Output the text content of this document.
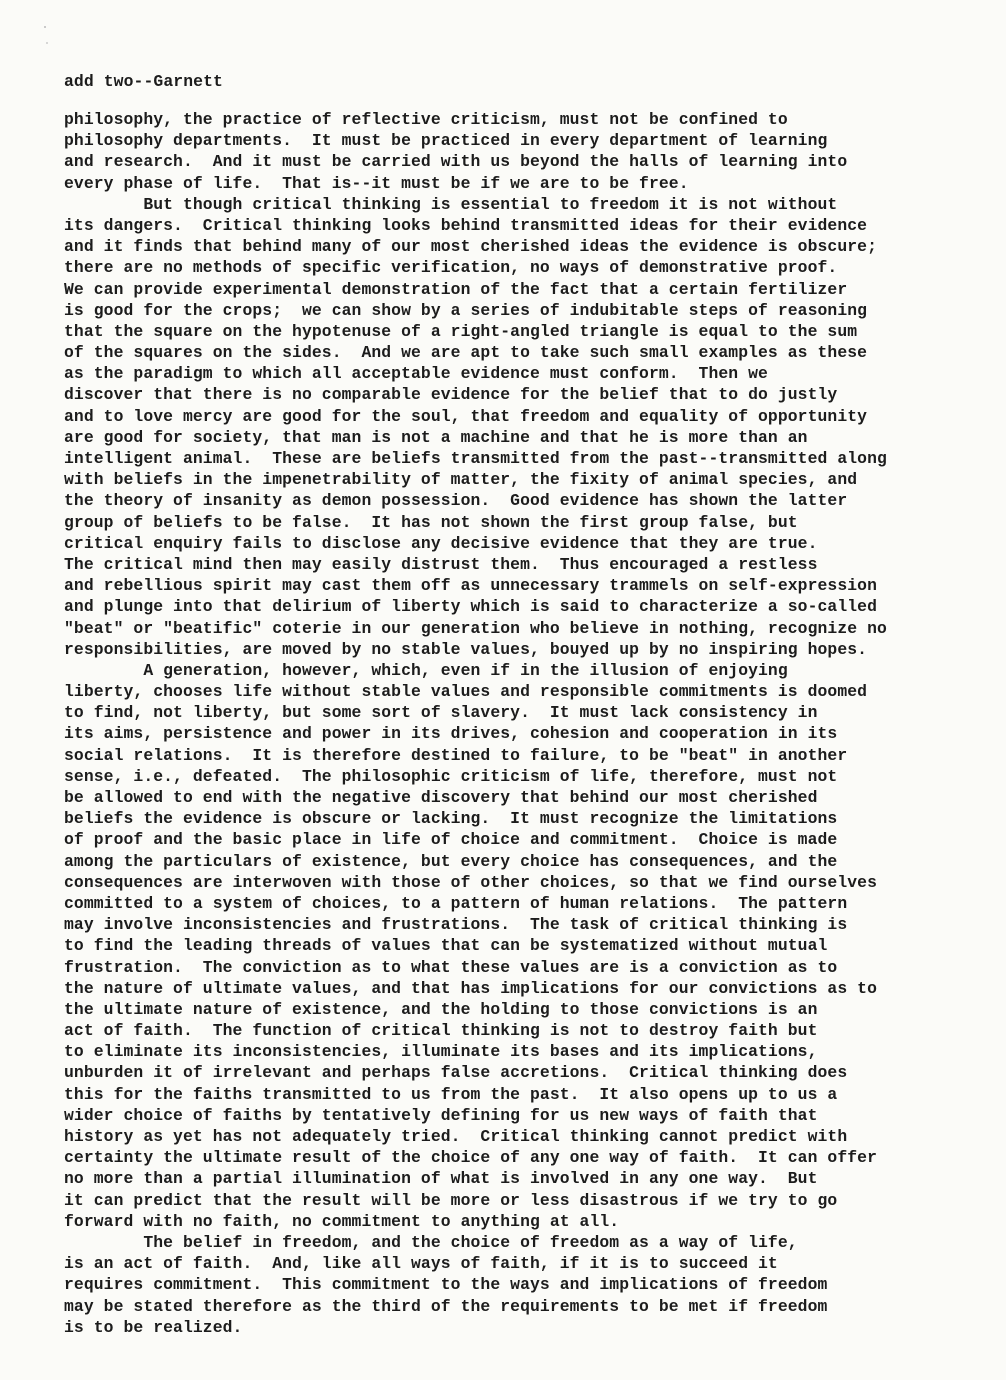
add two--Garnett
philosophy, the practice of reflective criticism, must not be confined to
philosophy departments.  It must be practiced in every department of learning
and research.  And it must be carried with us beyond the halls of learning into
every phase of life.  That is--it must be if we are to be free.
But though critical thinking is essential to freedom it is not without
its dangers.  Critical thinking looks behind transmitted ideas for their evidence
and it finds that behind many of our most cherished ideas the evidence is obscure;
there are no methods of specific verification, no ways of demonstrative proof.
We can provide experimental demonstration of the fact that a certain fertilizer
is good for the crops;  we can show by a series of indubitable steps of reasoning
that the square on the hypotenuse of a right-angled triangle is equal to the sum
of the squares on the sides.  And we are apt to take such small examples as these
as the paradigm to which all acceptable evidence must conform.  Then we
discover that there is no comparable evidence for the belief that to do justly
and to love mercy are good for the soul, that freedom and equality of opportunity
are good for society, that man is not a machine and that he is more than an
intelligent animal.  These are beliefs transmitted from the past--transmitted along
with beliefs in the impenetrability of matter, the fixity of animal species, and
the theory of insanity as demon possession.  Good evidence has shown the latter
group of beliefs to be false.  It has not shown the first group false, but
critical enquiry fails to disclose any decisive evidence that they are true.
The critical mind then may easily distrust them.  Thus encouraged a restless
and rebellious spirit may cast them off as unnecessary trammels on self-expression
and plunge into that delirium of liberty which is said to characterize a so-called
"beat" or "beatific" coterie in our generation who believe in nothing, recognize no
responsibilities, are moved by no stable values, bouyed up by no inspiring hopes.
A generation, however, which, even if in the illusion of enjoying
liberty, chooses life without stable values and responsible commitments is doomed
to find, not liberty, but some sort of slavery.  It must lack consistency in
its aims, persistence and power in its drives, cohesion and cooperation in its
social relations.  It is therefore destined to failure, to be "beat" in another
sense, i.e., defeated.  The philosophic criticism of life, therefore, must not
be allowed to end with the negative discovery that behind our most cherished
beliefs the evidence is obscure or lacking.  It must recognize the limitations
of proof and the basic place in life of choice and commitment.  Choice is made
among the particulars of existence, but every choice has consequences, and the
consequences are interwoven with those of other choices, so that we find ourselves
committed to a system of choices, to a pattern of human relations.  The pattern
may involve inconsistencies and frustrations.  The task of critical thinking is
to find the leading threads of values that can be systematized without mutual
frustration.  The conviction as to what these values are is a conviction as to
the nature of ultimate values, and that has implications for our convictions as to
the ultimate nature of existence, and the holding to those convictions is an
act of faith.  The function of critical thinking is not to destroy faith but
to eliminate its inconsistencies, illuminate its bases and its implications,
unburden it of irrelevant and perhaps false accretions.  Critical thinking does
this for the faiths transmitted to us from the past.  It also opens up to us a
wider choice of faiths by tentatively defining for us new ways of faith that
history as yet has not adequately tried.  Critical thinking cannot predict with
certainty the ultimate result of the choice of any one way of faith.  It can offer
no more than a partial illumination of what is involved in any one way.  But
it can predict that the result will be more or less disastrous if we try to go
forward with no faith, no commitment to anything at all.
The belief in freedom, and the choice of freedom as a way of life,
is an act of faith.  And, like all ways of faith, if it is to succeed it
requires commitment.  This commitment to the ways and implications of freedom
may be stated therefore as the third of the requirements to be met if freedom
is to be realized.
